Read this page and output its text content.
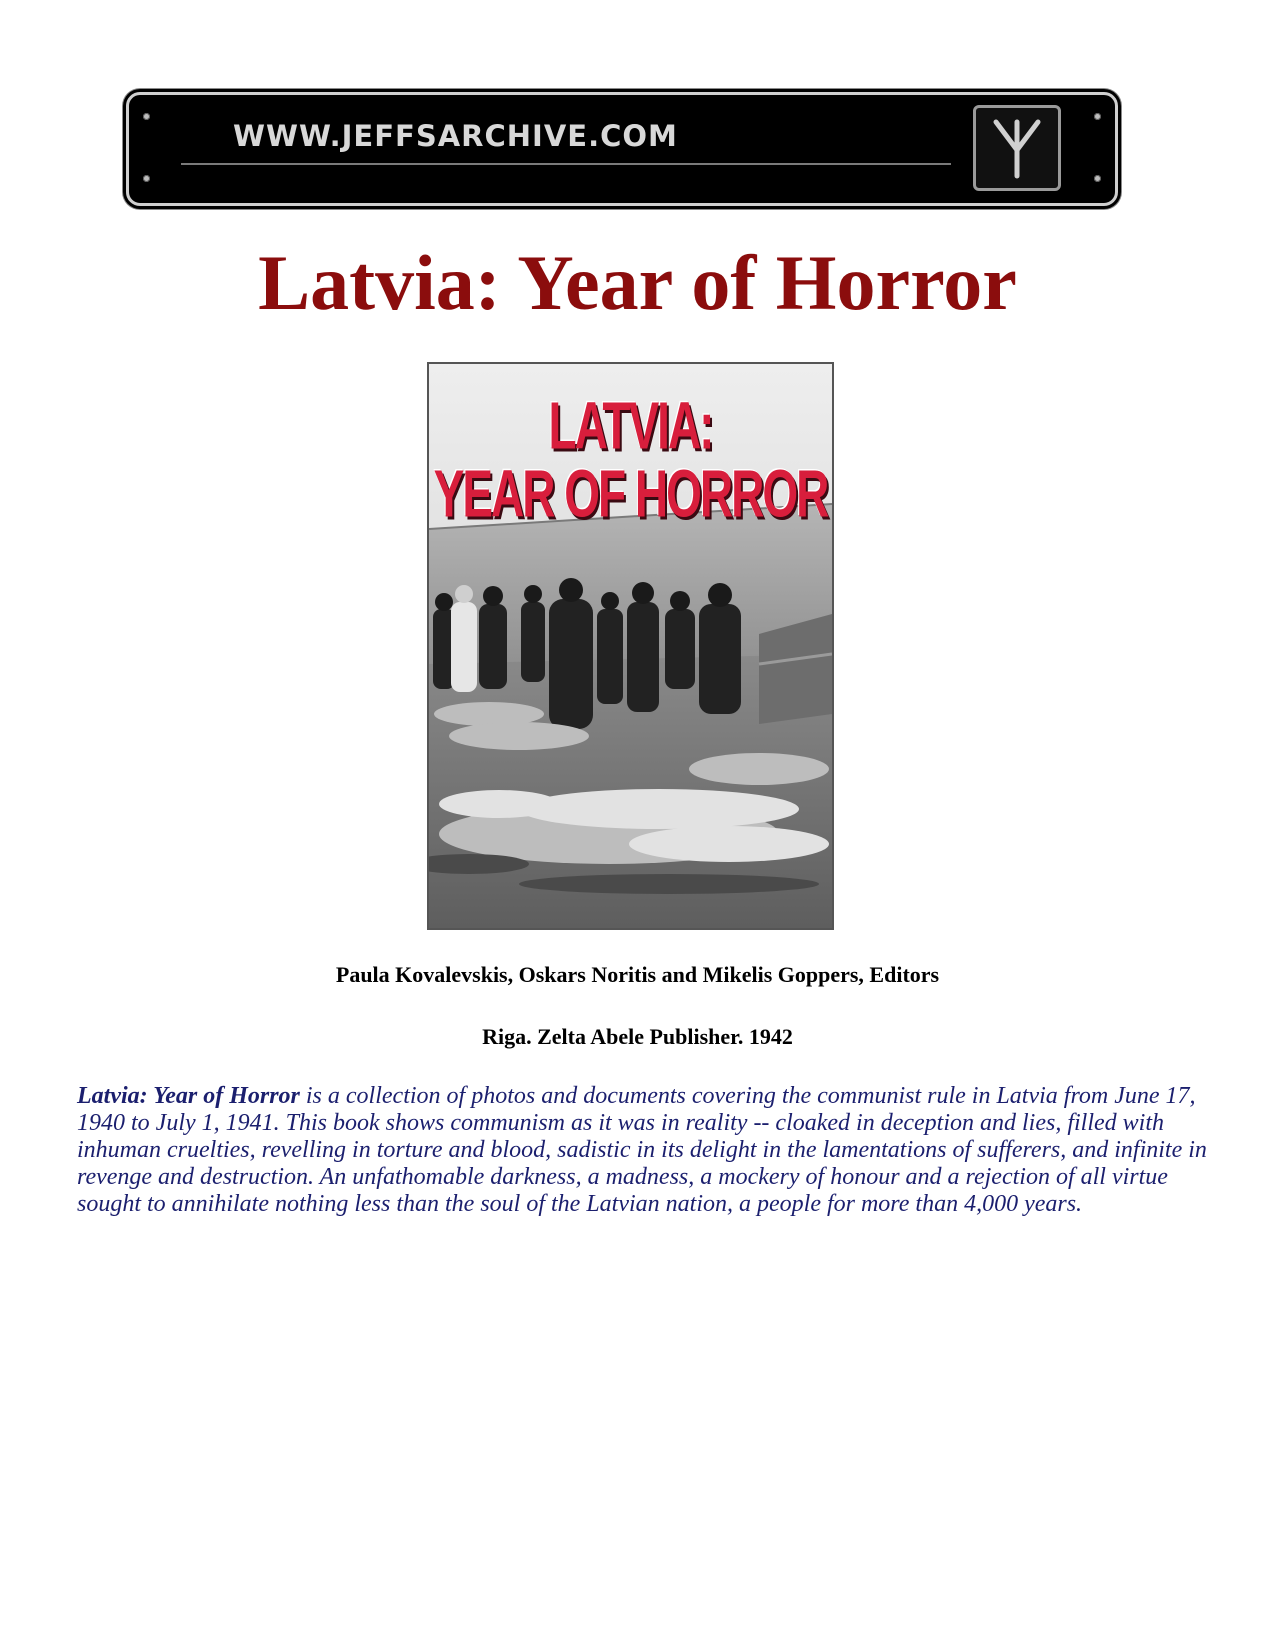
WWW.JEFFSARCHIVE.COM
Latvia: Year of Horror
LATVIA:
YEAR OF HORROR

Paula Kovalevskis, Oskars Noritis and Mikelis Goppers, Editors

Riga. Zelta Abele Publisher. 1942

Latvia: Year of Horror is a collection of photos and documents covering the communist rule in Latvia from June 17, 1940 to July 1, 1941. This book shows communism as it was in reality -- cloaked in deception and lies, filled with inhuman cruelties, revelling in torture and blood, sadistic in its delight in the lamentations of sufferers, and infinite in revenge and destruction. An unfathomable darkness, a madness, a mockery of honour and a rejection of all virtue sought to annihilate nothing less than the soul of the Latvian nation, a people for more than 4,000 years.
